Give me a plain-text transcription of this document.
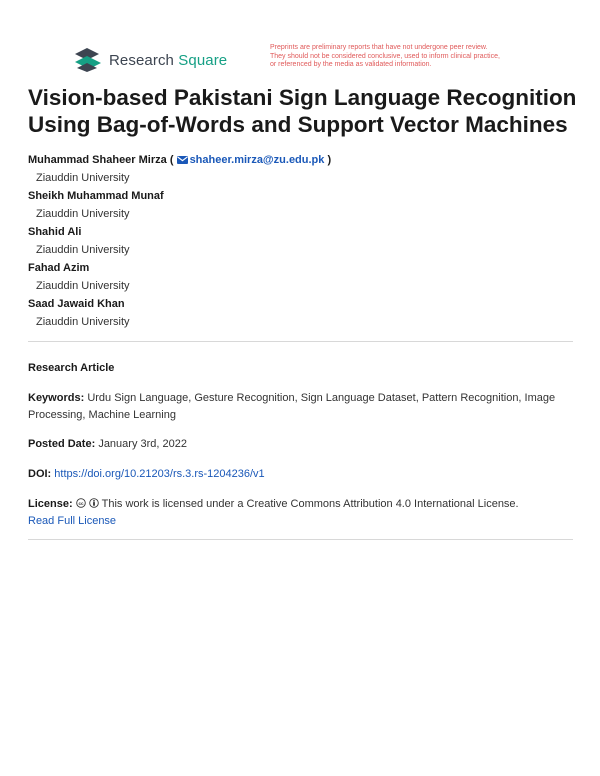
Research Square
Preprints are preliminary reports that have not undergone peer review.
They should not be considered conclusive, used to inform clinical practice,
or referenced by the media as validated information.
Vision-based Pakistani Sign Language Recognition Using Bag-of-Words and Support Vector Machines
Muhammad Shaheer Mirza ( shaheer.mirza@zu.edu.pk )
Ziauddin University
Sheikh Muhammad Munaf
Ziauddin University
Shahid Ali
Ziauddin University
Fahad Azim
Ziauddin University
Saad Jawaid Khan
Ziauddin University
Research Article
Keywords: Urdu Sign Language, Gesture Recognition, Sign Language Dataset, Pattern Recognition, Image Processing, Machine Learning
Posted Date: January 3rd, 2022
DOI: https://doi.org/10.21203/rs.3.rs-1204236/v1
License: cc This work is licensed under a Creative Commons Attribution 4.0 International License.
Read Full License
